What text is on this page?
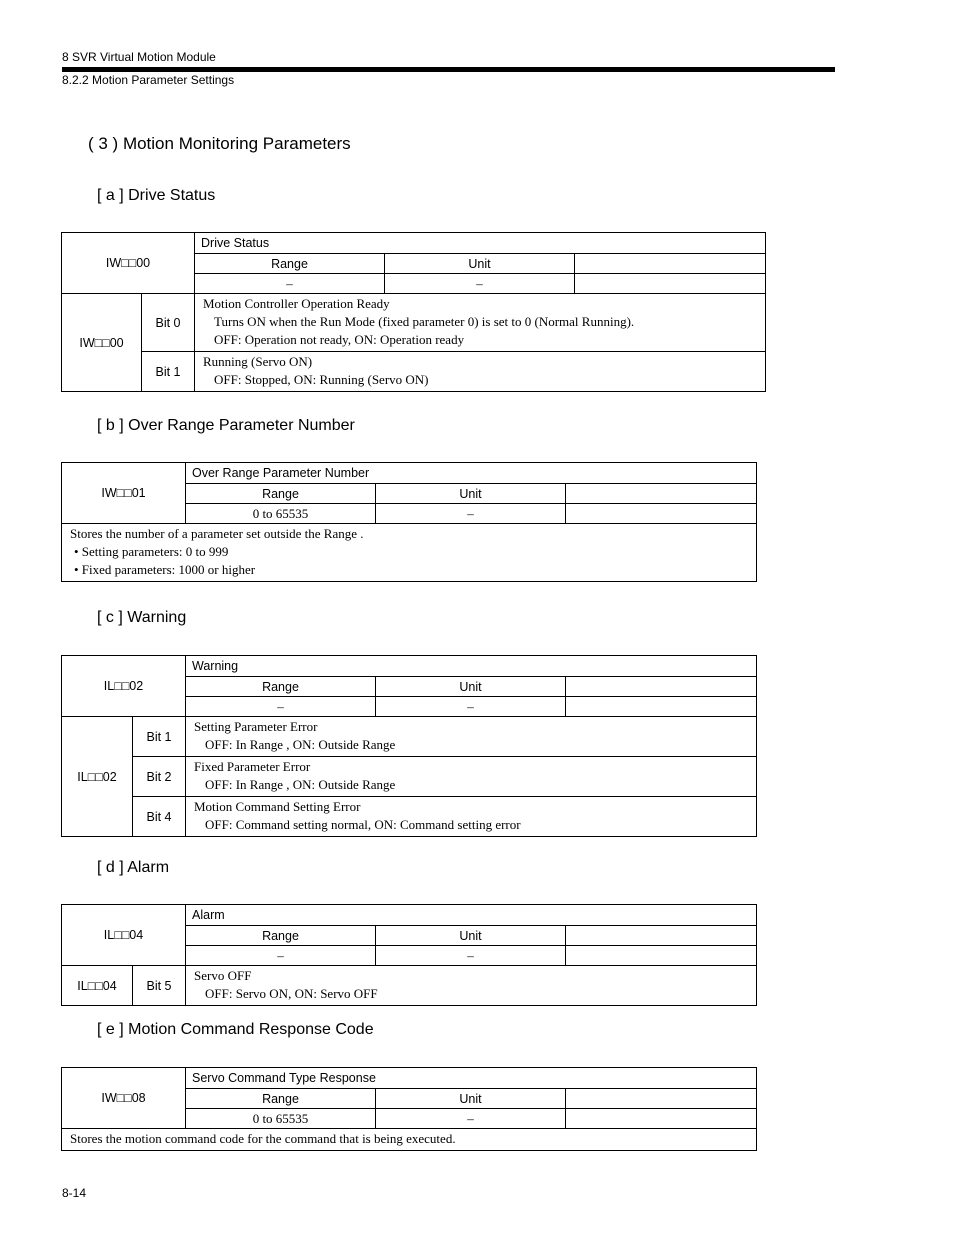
8 SVR Virtual Motion Module
8.2.2 Motion Parameter Settings
( 3 ) Motion Monitoring Parameters
[ a ] Drive Status
IW□□00		Drive Status		
		Range	Unit	
		–	–	
IW□□00	Bit 0	Motion Controller Operation Ready
Turns ON when the Run Mode (fixed parameter 0) is set to 0 (Normal Running).
OFF: Operation not ready, ON: Operation ready		

	Bit 1	Running (Servo ON)
OFF: Stopped, ON: Running (Servo ON)		
[ b ] Over Range Parameter Number
IW□□01	Over Range Parameter Number		
	Range	Unit	
	0 to 65535	–	

Stores the number of a parameter set outside the Range .
• Setting parameters: 0 to 999
• Fixed parameters: 1000 or higher			
[ c ] Warning
IL□□02		Warning		
		Range	Unit	
		–	–	
IL□□02	Bit 1	Setting Parameter Error
OFF: In Range , ON: Outside Range		

	Bit 2	Fixed Parameter Error
OFF: In Range , ON: Outside Range		

	Bit 4	Motion Command Setting Error
OFF: Command setting normal, ON: Command setting error		
[ d ] Alarm
IL□□04		Alarm		
		Range	Unit	
		–	–	
IL□□04	Bit 5	Servo OFF
OFF: Servo ON, ON: Servo OFF		
[ e ] Motion Command Response Code
IW□□08	Servo Command Type Response		
	Range	Unit	
	0 to 65535	–	

Stores the motion command code for the command that is being executed.			
8-14
